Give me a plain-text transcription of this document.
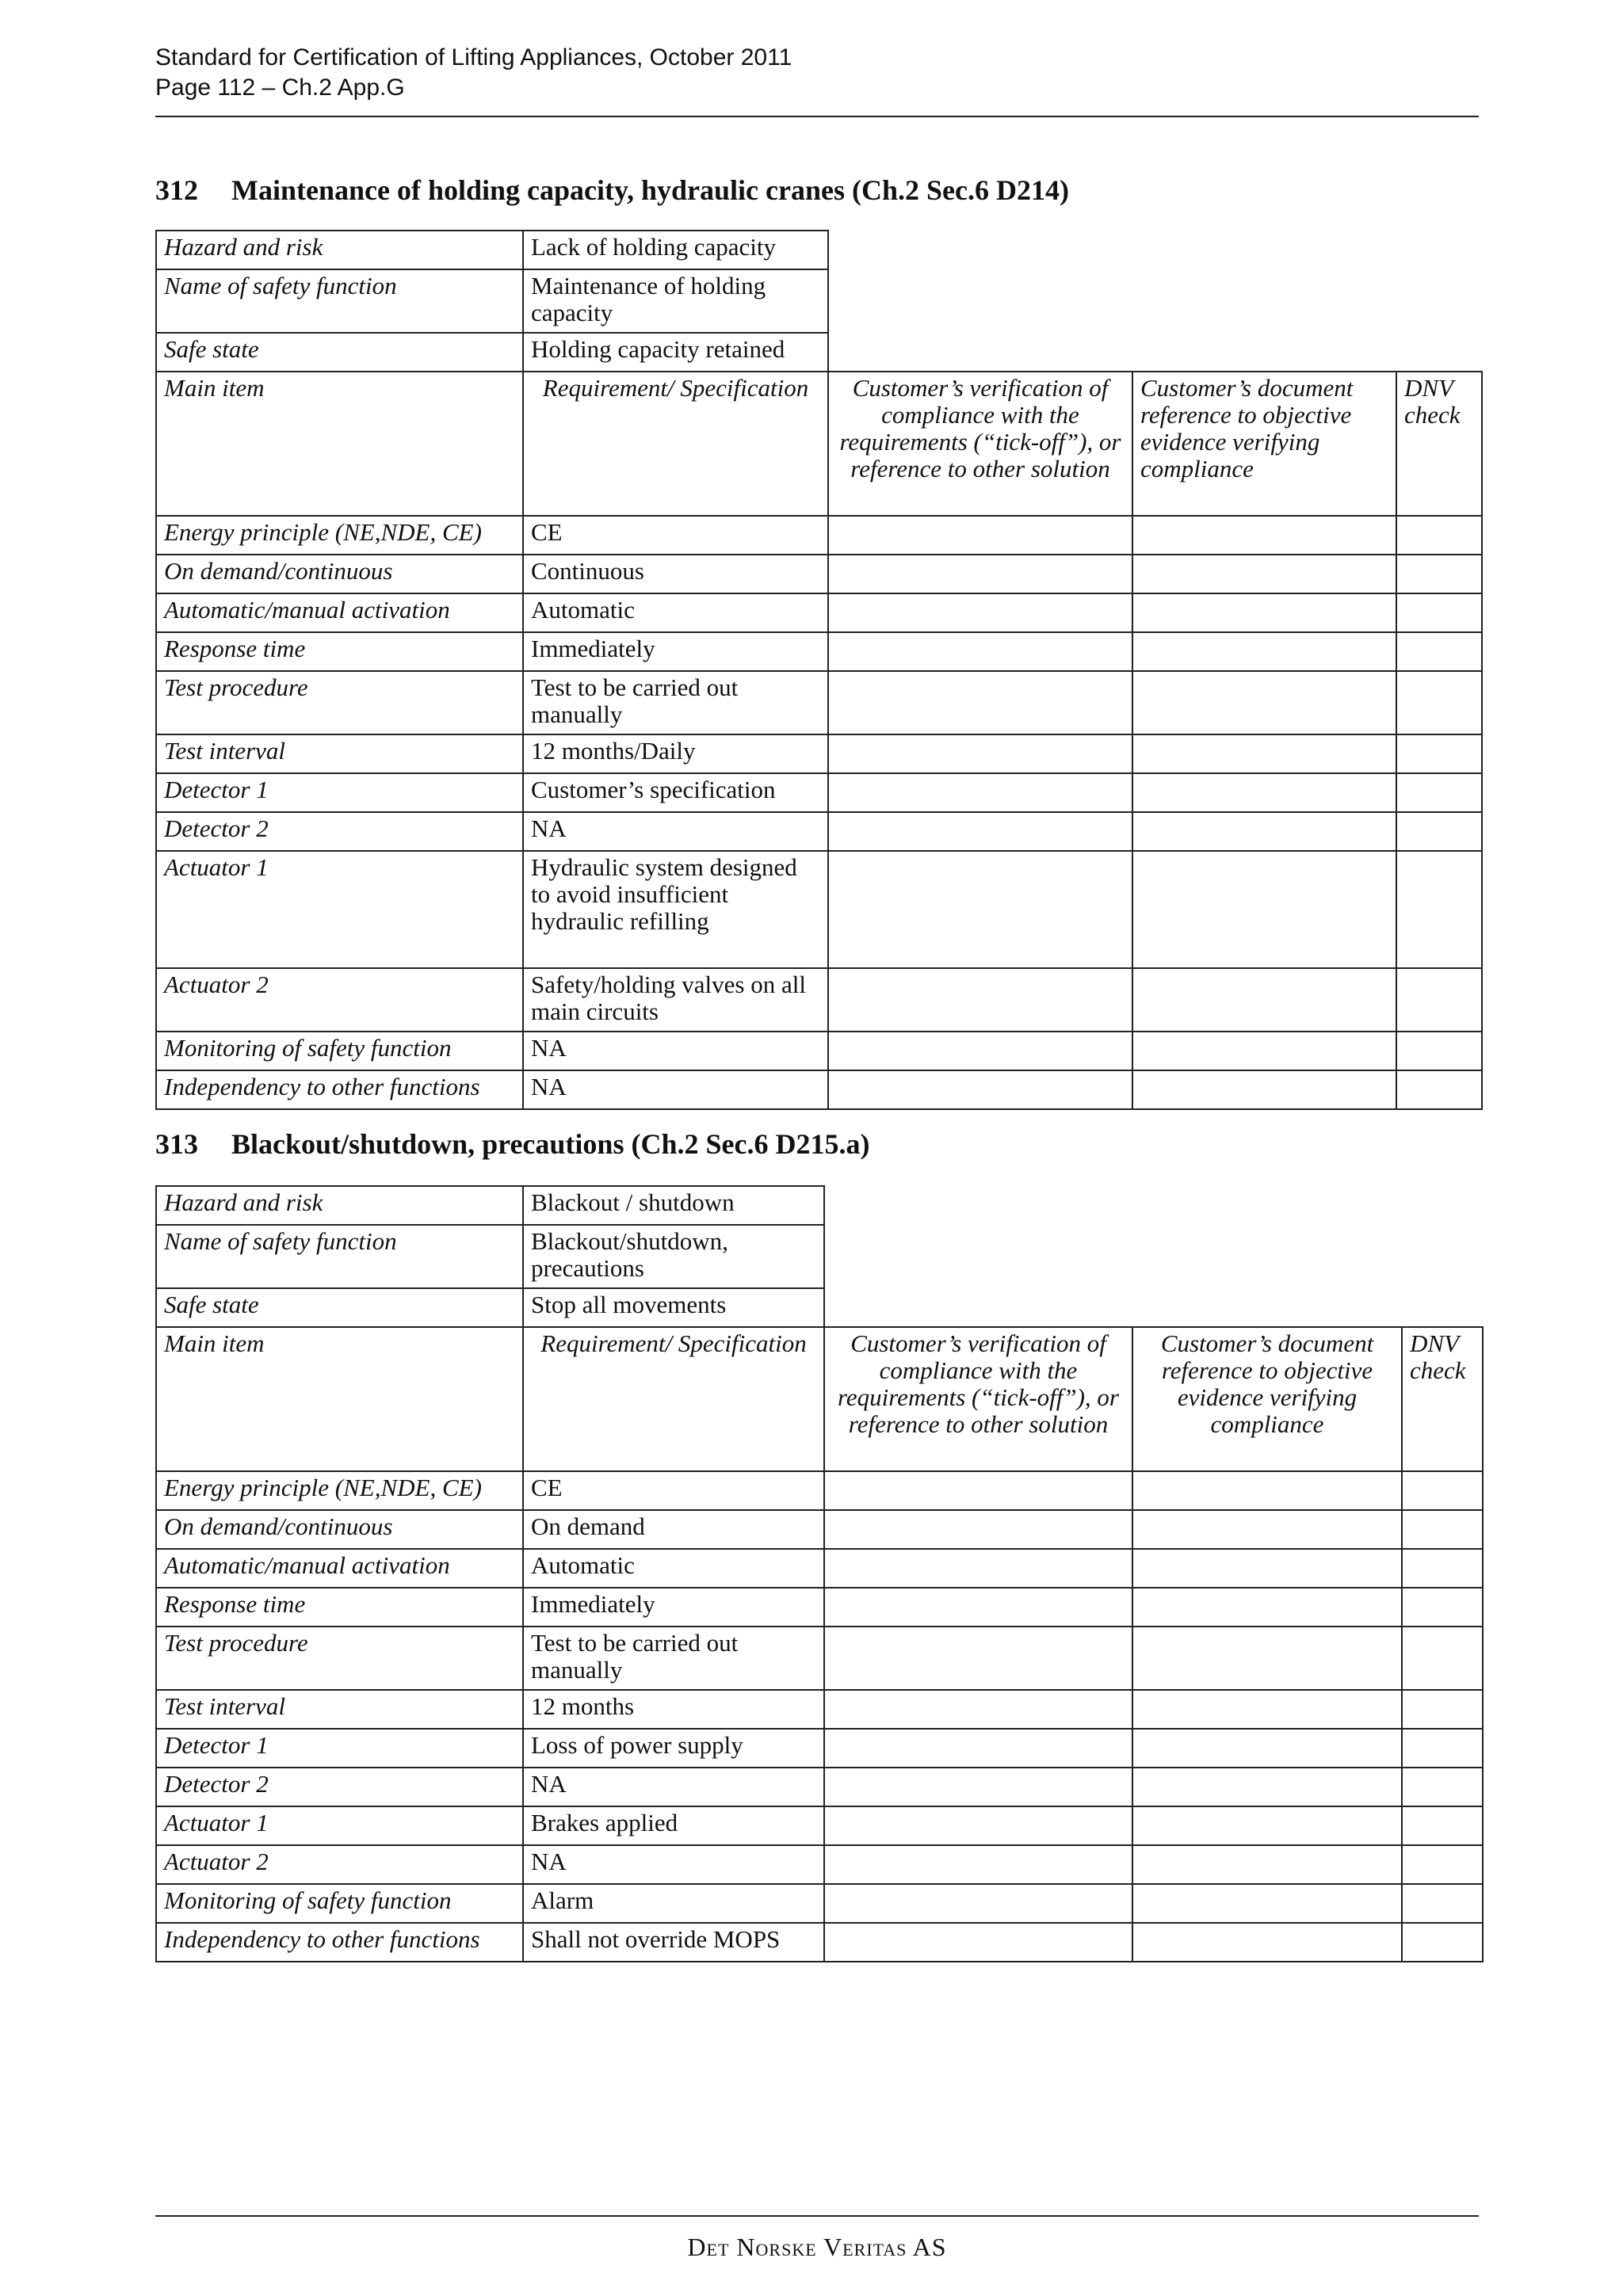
Standard for Certification of Lifting Appliances, October 2011
Page 112 – Ch.2 App.G
312 Maintenance of holding capacity, hydraulic cranes (Ch.2 Sec.6 D214)
Hazard and risk	Lack of holding capacity			
Name of safety function	Maintenance of holding capacity			
Safe state	Holding capacity retained			
Main item	Requirement/ Specification	Customer’s verification of compliance with the requirements (“tick-off”), or reference to other solution	Customer’s document reference to objective evidence verifying compliance	DNV check
Energy principle (NE,NDE, CE)	CE			
On demand/continuous	Continuous			
Automatic/manual activation	Automatic			
Response time	Immediately			
Test procedure	Test to be carried out manually			
Test interval	12 months/Daily			
Detector 1	Customer’s specification			
Detector 2	NA			
Actuator 1	Hydraulic system designed to avoid insufficient hydraulic refilling			
Actuator 2	Safety/holding valves on all main circuits			
Monitoring of safety function	NA			
Independency to other functions	NA			
313 Blackout/shutdown, precautions (Ch.2 Sec.6 D215.a)
Hazard and risk	Blackout / shutdown			
Name of safety function	Blackout/shutdown, precautions			
Safe state	Stop all movements			
Main item	Requirement/ Specification	Customer’s verification of compliance with the requirements (“tick-off”), or reference to other solution	Customer’s document reference to objective evidence verifying compliance	DNV check
Energy principle (NE,NDE, CE)	CE			
On demand/continuous	On demand			
Automatic/manual activation	Automatic			
Response time	Immediately			
Test procedure	Test to be carried out manually			
Test interval	12 months			
Detector 1	Loss of power supply			
Detector 2	NA			
Actuator 1	Brakes applied			
Actuator 2	NA			
Monitoring of safety function	Alarm			
Independency to other functions	Shall not override MOPS			
Det Norske Veritas AS
